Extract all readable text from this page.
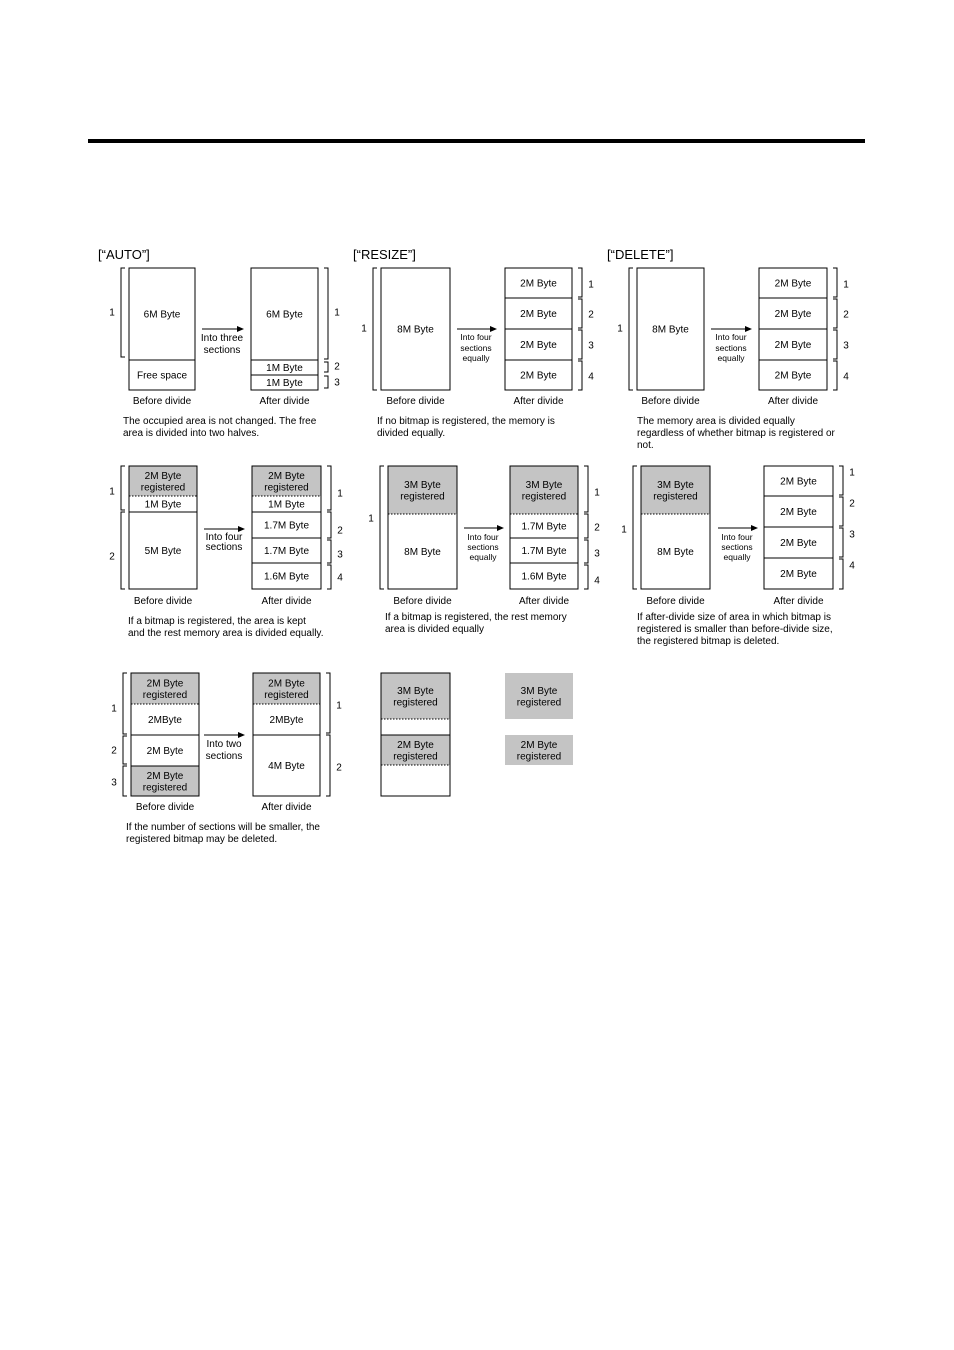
[“AUTO”]	[“RESIZE”]	[“DELETE”]
6M Byte
Free space
6M Byte
1M Byte
1M Byte
1	1
2
3
Into three
sections
Before divide	After divide
The occupied area is not changed. The free
area is divided into two halves.
8M Byte
2M Byte
2M Byte
2M Byte
2M Byte
1
1
2
3
4
Into four
sections
equally
Before divide	After divide
If no bitmap is registered, the memory is
divided equally.
8M Byte
2M Byte
2M Byte
2M Byte
2M Byte
1
1
2
3
4
Into four
sections
equally
Before divide	After divide
The memory area is divided equally
regardless of whether bitmap is registered or
not.
2M Byte
registered
1M Byte
5M Byte
2M Byte
registered
1M Byte
1.7M Byte
1.7M Byte
1.6M Byte
1
2
1
2
3
4
Into four
sections
Before divide	After divide
If a bitmap is registered, the area is kept
and the rest memory area is divided equally.
3M Byte
registered
8M Byte
3M Byte
registered
1.7M Byte
1.7M Byte
1.6M Byte
1
1
2
3
4
Into four
sections
equally
Before divide	After divide
If a bitmap is registered, the rest memory
area is divided equally
3M Byte
registered
8M Byte
2M Byte
2M Byte
2M Byte
2M Byte
1
1
2
3
4
Into four
sections
equally
Before divide	After divide
If after-divide size of area in which bitmap is
registered is smaller than before-divide size,
the registered bitmap is deleted.
2M Byte
registered
2MByte
2M Byte
2M Byte
registered
2M Byte
registered
2MByte
4M Byte
1
2
3
1
2
Into two
sections
Before divide	After divide
If the number of sections will be smaller, the
registered bitmap may be deleted.
3M Byte
registered
2M Byte
registered
3M Byte
registered
2M Byte
registered
